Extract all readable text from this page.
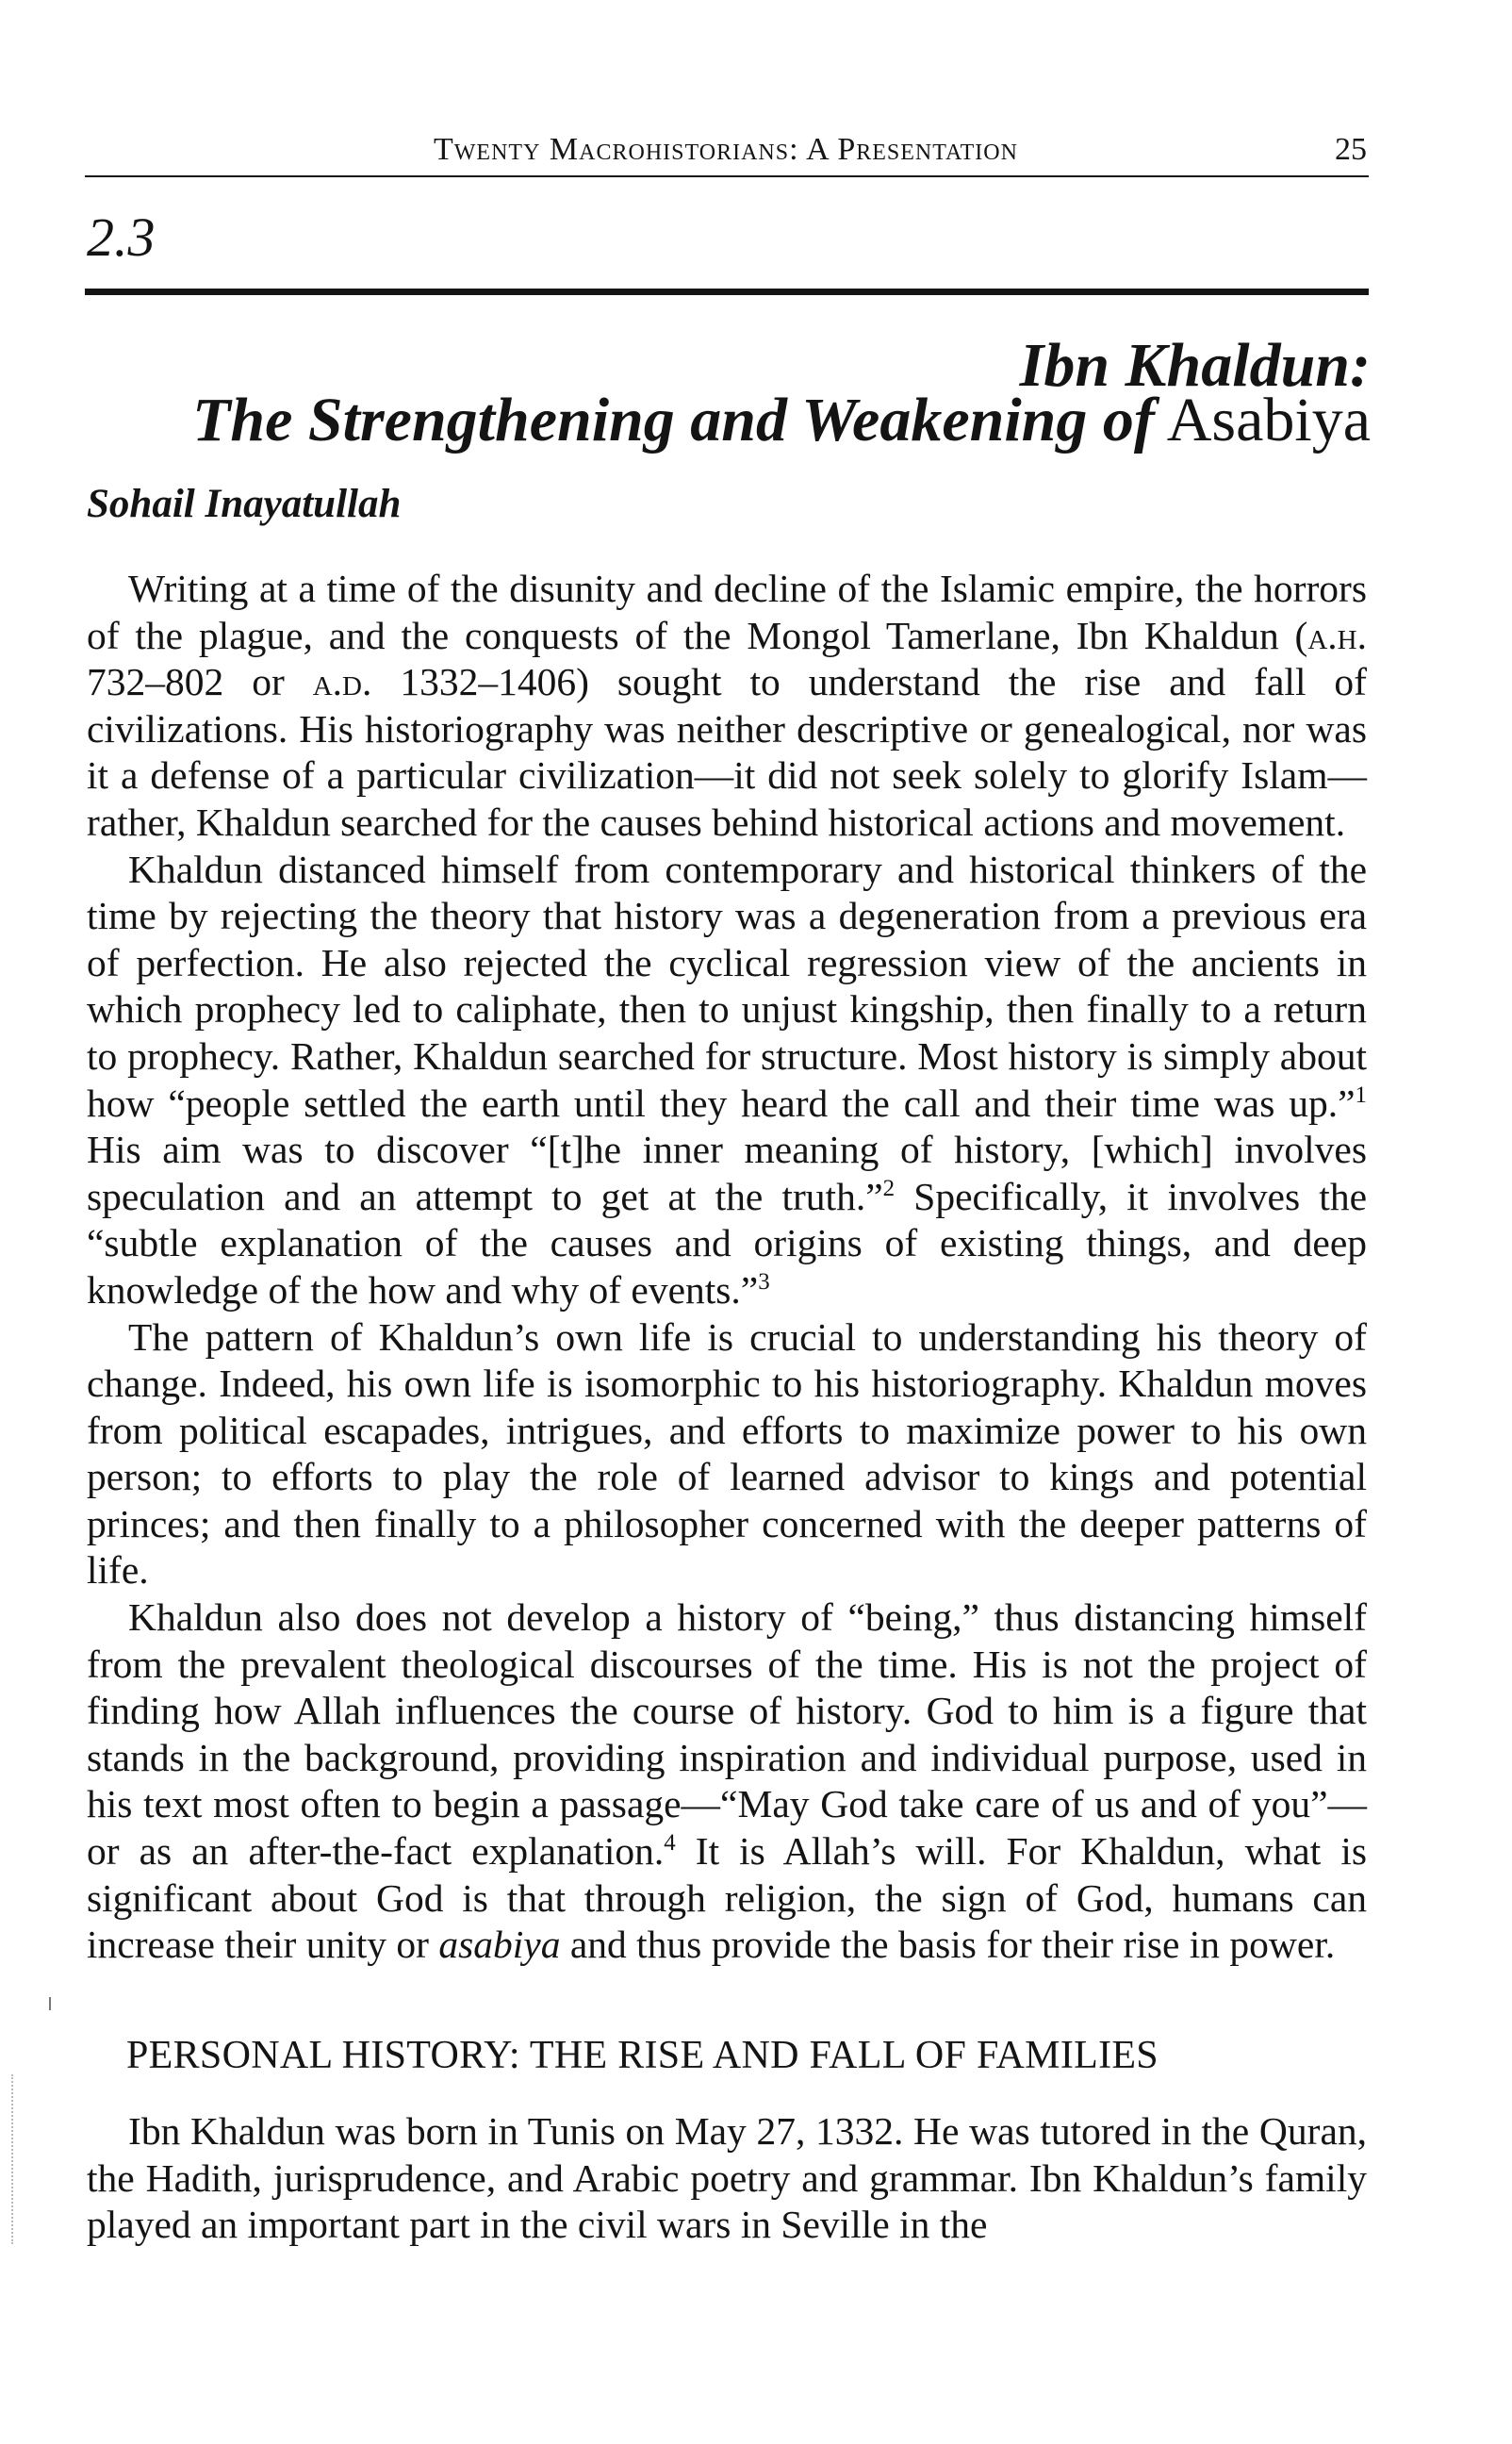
Twenty Macrohistorians: A Presentation	25
2.3
Ibn Khaldun:
The Strengthening and Weakening of Asabiya
Sohail Inayatullah

Writing at a time of the disunity and decline of the Islamic empire, the horrors of the plague, and the conquests of the Mongol Tamerlane, Ibn Khaldun (a.h. 732–802 or a.d. 1332–1406) sought to understand the rise and fall of civilizations. His historiography was neither descriptive or genealogical, nor was it a defense of a particular civilization—it did not seek solely to glorify Islam—rather, Khaldun searched for the causes behind historical actions and movement.

Khaldun distanced himself from contemporary and historical thinkers of the time by rejecting the theory that history was a degeneration from a previous era of perfection. He also rejected the cyclical regression view of the ancients in which prophecy led to caliphate, then to unjust kingship, then finally to a return to prophecy. Rather, Khaldun searched for structure. Most history is simply about how “people settled the earth until they heard the call and their time was up.”$^1$ His aim was to discover “[t]he inner meaning of history, [which] involves speculation and an attempt to get at the truth.”$^2$ Specifically, it involves the “subtle explanation of the causes and origins of existing things, and deep knowledge of the how and why of events.”$^3$

The pattern of Khaldun’s own life is crucial to understanding his theory of change. Indeed, his own life is isomorphic to his historiography. Khaldun moves from political escapades, intrigues, and efforts to maximize power to his own person; to efforts to play the role of learned advisor to kings and potential princes; and then finally to a philosopher concerned with the deeper patterns of life.

Khaldun also does not develop a history of “being,” thus distancing himself from the prevalent theological discourses of the time. His is not the project of finding how Allah influences the course of history. God to him is a figure that stands in the background, providing inspiration and individual purpose, used in his text most often to begin a passage—“May God take care of us and of you”—or as an after-the-fact explanation.$^4$ It is Allah’s will. For Khaldun, what is significant about God is that through religion, the sign of God, humans can increase their unity or asabiya and thus provide the basis for their rise in power.

PERSONAL HISTORY: THE RISE AND FALL OF FAMILIES

Ibn Khaldun was born in Tunis on May 27, 1332. He was tutored in the Quran, the Hadith, jurisprudence, and Arabic poetry and grammar. Ibn Khaldun’s family played an important part in the civil wars in Seville in the
